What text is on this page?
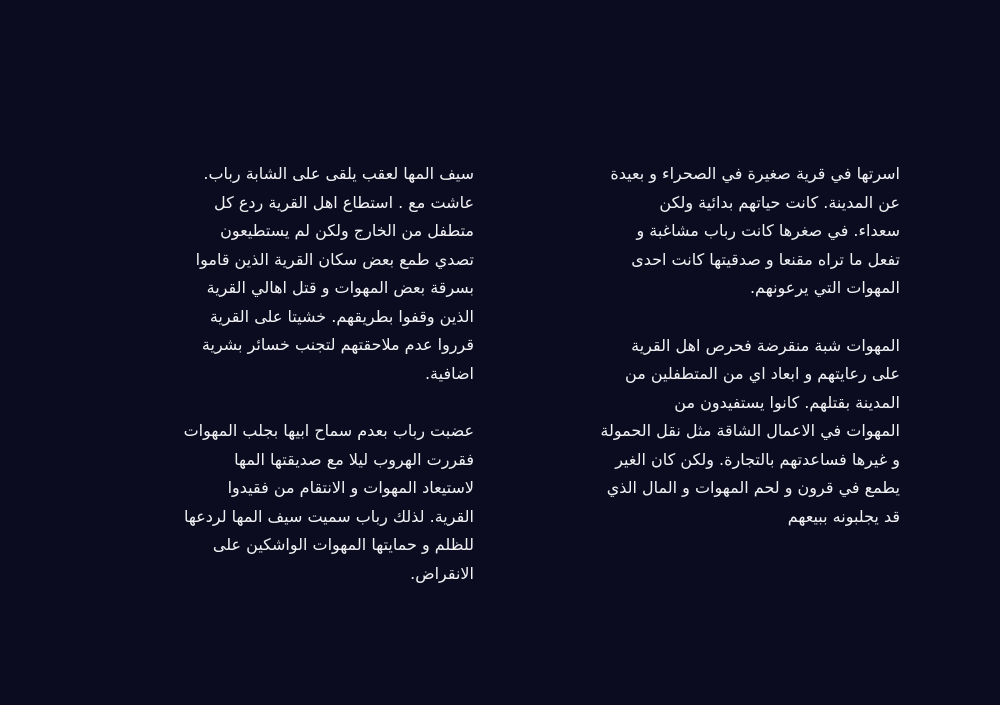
اسرتها في قرية صغيرة في الصحراء و بعيدة
عن المدينة. كانت حياتهم بدائية ولكن
سعداء. في صغرها كانت رباب مشاغبة و
تفعل ما تراه مقنعا و صدقيتها كانت احدى
المهوات التي يرعونهم.

المهوات شبة منقرضة فحرص اهل القرية
على رعايتهم و ابعاد اي من المتطفلين من
المدينة بقتلهم. كانوا يستفيدون من
المهوات في الاعمال الشاقة مثل نقل الحمولة
و غيرها فساعدتهم بالتجارة. ولكن كان الغير
يطمع في قرون و لحم المهوات و المال الذي
قد يجلبونه ببيعهم

سيف المها لعقب يلقى على الشابة رباب.
عاشت مع . استطاع اهل القرية ردع كل
متطفل من الخارج ولكن لم يستطيعون
تصدي طمع بعض سكان القرية الذين قاموا
بسرقة بعض المهوات و قتل اهالي القرية
الذين وقفوا بطريقهم. خشيتا على القرية
قرروا عدم ملاحقتهم لتجنب خسائر بشرية
اضافية.

عضبت رباب بعدم سماح ابيها بجلب المهوات
فقررت الهروب ليلا مع صديقتها المها
لاستيعاد المهوات و الانتقام من فقيدوا
القرية. لذلك رباب سميت سيف المها لردعها
للظلم و حمايتها المهوات الواشكين على
الانقراض.
